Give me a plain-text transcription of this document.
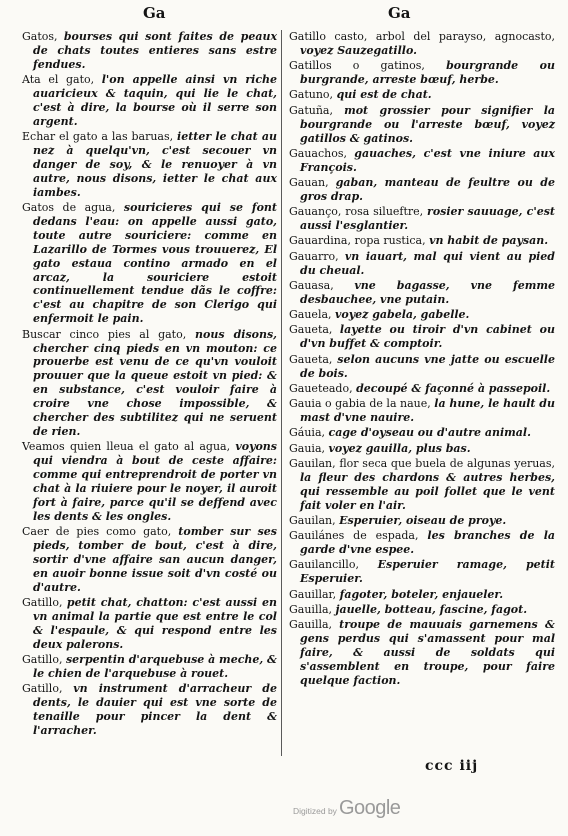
Ga	Ga

Gatos, bourses qui sont faites de peaux de chats toutes entieres sans estre fendues.

Ata el gato, l'on appelle ainsi vn riche auaricieux & taquin, qui lie le chat, c'est à dire, la bourse où il serre son argent.

Echar el gato a las baruas, ietter le chat au nez à quelqu'vn, c'est secouer vn danger de soy, & le renuoyer à vn autre, nous disons, ietter le chat aux iambes.

Gatos de agua, souricieres qui se font dedans l'eau: on appelle aussi gato, toute autre souriciere: comme en Lazarillo de Tormes vous trouuerez, El gato estaua contino armado en el arcaz, la souriciere estoit continuellement tendue dãs le coffre: c'est au chapitre de son Clerigo qui enfermoit le pain.

Buscar cinco pies al gato, nous disons, chercher cinq pieds en vn mouton: ce prouerbe est venu de ce qu'vn vouloit prouuer que la queue estoit vn pied: & en substance, c'est vouloir faire à croire vne chose impossible, & chercher des subtilitez qui ne seruent de rien.

Veamos quien lleua el gato al agua, voyons qui viendra à bout de ceste affaire: comme qui entreprendroit de porter vn chat à la riuiere pour le noyer, il auroit fort à faire, parce qu'il se deffend avec les dents & les ongles.

Caer de pies como gato, tomber sur ses pieds, tomber de bout, c'est à dire, sortir d'vne affaire san aucun danger, en auoir bonne issue soit d'vn costé ou d'autre.

Gatillo, petit chat, chatton: c'est aussi en vn animal la partie que est entre le col & l'espaule, & qui respond entre les deux palerons.

Gatillo, serpentin d'arquebuse à meche, & le chien de l'arquebuse à rouet.

Gatillo, vn instrument d'arracheur de dents, le dauier qui est vne sorte de tenaille pour pincer la dent & l'arracher.

Gatillo casto, arbol del parayso, agnocasto, voyez Sauzegatillo.

Gatillos o gatinos, bourgrande ou burgrande, arreste bœuf, herbe.

Gatuno, qui est de chat.

Gatuña, mot grossier pour signifier la bourgrande ou l'arreste bœuf, voyez gatillos & gatinos.

Gauachos, gauaches, c'est vne iniure aux François.

Gauan, gaban, manteau de feultre ou de gros drap.

Gauanço, rosa silueftre, rosier sauuage, c'est aussi l'esglantier.

Gauardina, ropa rustica, vn habit de paysan.

Gauarro, vn iauart, mal qui vient au pied du cheual.

Gauasa, vne bagasse, vne femme desbauchee, vne putain.

Gauela, voyez gabela, gabelle.

Gaueta, layette ou tiroir d'vn cabinet ou d'vn buffet & comptoir.

Gaueta, selon aucuns vne jatte ou escuelle de bois.

Gaueteado, decoupé & façonné à passepoil.

Gauia o gabia de la naue, la hune, le hault du mast d'vne nauire.

Gáuia, cage d'oyseau ou d'autre animal.

Gauia, voyez gauilla, plus bas.

Gauilan, flor seca que buela de algunas yeruas, la fleur des chardons & autres herbes, qui ressemble au poil follet que le vent fait voler en l'air.

Gauilan, Esperuier, oiseau de proye.

Gauilánes de espada, les branches de la garde d'vne espee.

Gauilancillo, Esperuier ramage, petit Esperuier.

Gauillar, fagoter, boteler, enjaueler.

Gauilla, jauelle, botteau, fascine, fagot.

Gauilla, troupe de mauuais garnemens & gens perdus qui s'amassent pour mal faire, & aussi de soldats qui s'assemblent en troupe, pour faire quelque faction.

ccc iij
Digitized by Google
